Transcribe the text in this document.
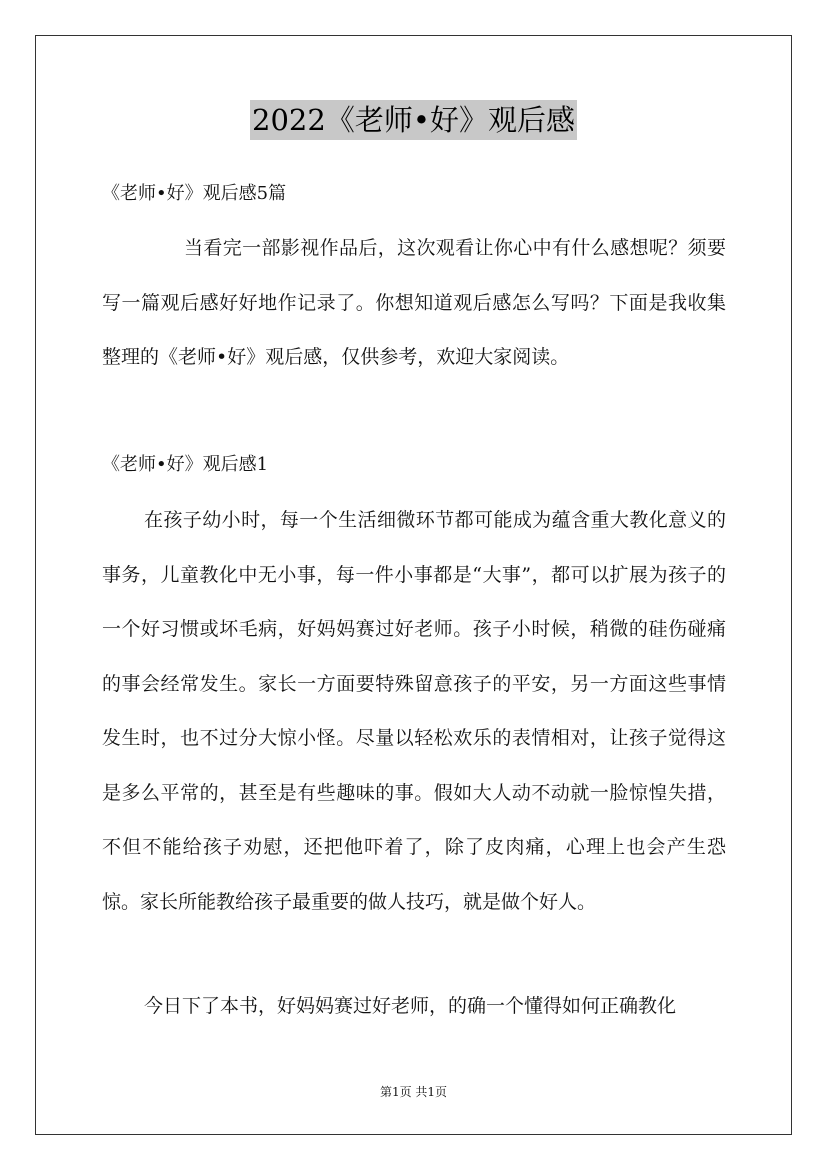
2022《老师•好》观后感
《老师•好》观后感5篇

当看完一部影视作品后，这次观看让你心中有什么感想呢？须要写一篇观后感好好地作记录了。你想知道观后感怎么写吗？下面是我收集整理的《老师•好》观后感，仅供参考，欢迎大家阅读。

《老师•好》观后感1

在孩子幼小时，每一个生活细微环节都可能成为蕴含重大教化意义的事务，儿童教化中无小事，每一件小事都是“大事”，都可以扩展为孩子的一个好习惯或坏毛病，好妈妈赛过好老师。孩子小时候，稍微的硅伤碰痛的事会经常发生。家长一方面要特殊留意孩子的平安，另一方面这些事情发生时，也不过分大惊小怪。尽量以轻松欢乐的表情相对，让孩子觉得这是多么平常的，甚至是有些趣味的事。假如大人动不动就一脸惊惶失措，不但不能给孩子劝慰，还把他吓着了，除了皮肉痛，心理上也会产生恐惊。家长所能教给孩子最重要的做人技巧，就是做个好人。

今日下了本书，好妈妈赛过好老师，的确一个懂得如何正确教化

第1页 共1页
